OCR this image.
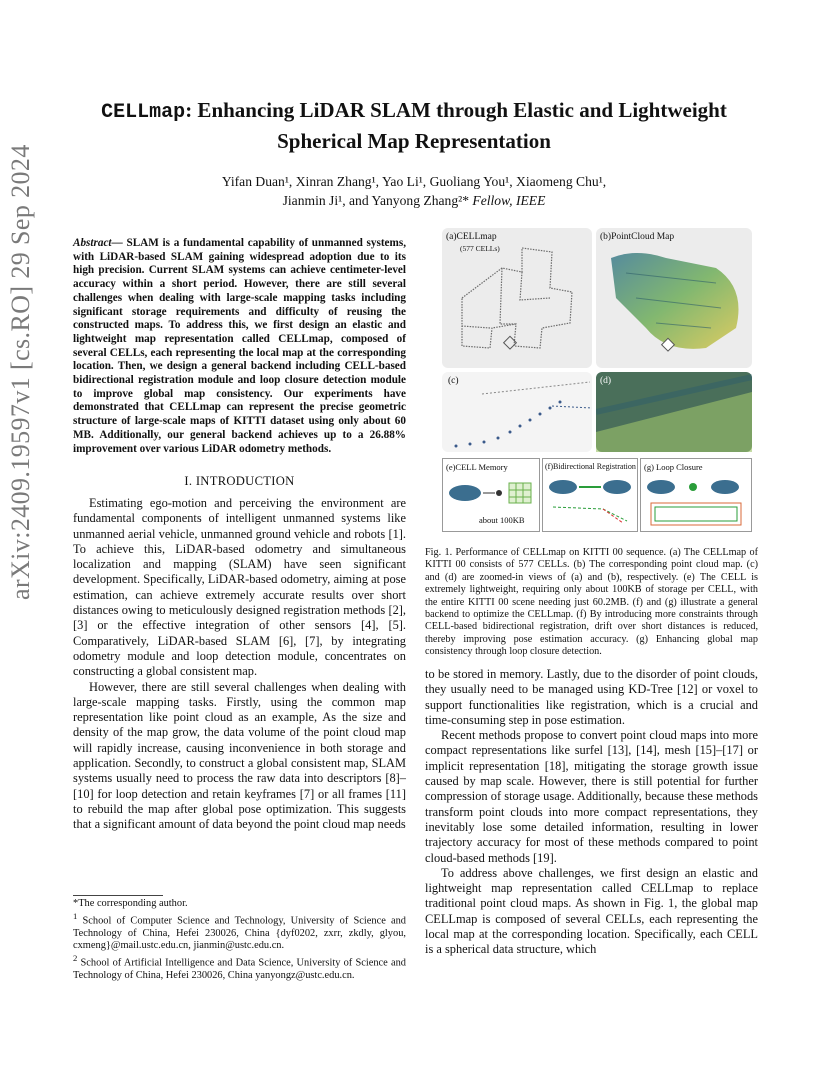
arXiv:2409.19597v1 [cs.RO] 29 Sep 2024
CELLmap: Enhancing LiDAR SLAM through Elastic and Lightweight
Spherical Map Representation
Yifan Duan¹, Xinran Zhang¹, Yao Li¹, Guoliang You¹, Xiaomeng Chu¹,
Jianmin Ji¹, and Yanyong Zhang²* Fellow, IEEE

Abstract— SLAM is a fundamental capability of unmanned systems, with LiDAR-based SLAM gaining widespread adoption due to its high precision. Current SLAM systems can achieve centimeter-level accuracy within a short period. However, there are still several challenges when dealing with large-scale mapping tasks including significant storage requirements and difficulty of reusing the constructed maps. To address this, we first design an elastic and lightweight map representation called CELLmap, composed of several CELLs, each representing the local map at the corresponding location. Then, we design a general backend including CELL-based bidirectional registration module and loop closure detection module to improve global map consistency. Our experiments have demonstrated that CELLmap can represent the precise geometric structure of large-scale maps of KITTI dataset using only about 60 MB. Additionally, our general backend achieves up to a 26.88% improvement over various LiDAR odometry methods.

I. INTRODUCTION

Estimating ego-motion and perceiving the environment are fundamental components of intelligent unmanned systems like unmanned aerial vehicle, unmanned ground vehicle and robots [1]. To achieve this, LiDAR-based odometry and simultaneous localization and mapping (SLAM) have seen significant development. Specifically, LiDAR-based odometry, aiming at pose estimation, can achieve extremely accurate results over short distances owing to meticulously designed registration methods [2], [3] or the effective integration of other sensors [4], [5]. Comparatively, LiDAR-based SLAM [6], [7], by integrating odometry module and loop detection module, concentrates on constructing a global consistent map.

However, there are still several challenges when dealing with large-scale mapping tasks. Firstly, using the common map representation like point cloud as an example, As the size and density of the map grow, the data volume of the point cloud map will rapidly increase, causing inconvenience in both storage and application. Secondly, to construct a global consistent map, SLAM systems usually need to process the raw data into descriptors [8]–[10] for loop detection and retain keyframes [7] or all frames [11] to rebuild the map after global pose optimization. This suggests that a significant amount of data beyond the point cloud map needs

*The corresponding author.

$^1$ School of Computer Science and Technology, University of Science and Technology of China, Hefei 230026, China {dyf0202, zxrr, zkdly, glyou, cxmeng}@mail.ustc.edu.cn, jianmin@ustc.edu.cn.

$^2$ School of Artificial Intelligence and Data Science, University of Science and Technology of China, Hefei 230026, China yanyongz@ustc.edu.cn.

(a)CELLmap
(577 CELLs)
(b)PointCloud Map
(c)	(d)
(e)CELL Memory
about 100KB
(f)Bidirectional Registration (g) Loop Closure
Fig. 1. Performance of CELLmap on KITTI 00 sequence. (a) The CELLmap of KITTI 00 consists of 577 CELLs. (b) The corresponding point cloud map. (c) and (d) are zoomed-in views of (a) and (b), respectively. (e) The CELL is extremely lightweight, requiring only about 100KB of storage per CELL, with the entire KITTI 00 scene needing just 60.2MB. (f) and (g) illustrate a general backend to optimize the CELLmap. (f) By introducing more constraints through CELL-based bidirectional registration, drift over short distances is reduced, thereby improving pose estimation accuracy. (g) Enhancing global map consistency through loop closure detection.

to be stored in memory. Lastly, due to the disorder of point clouds, they usually need to be managed using KD-Tree [12] or voxel to support functionalities like registration, which is a crucial and time-consuming step in pose estimation.

Recent methods propose to convert point cloud maps into more compact representations like surfel [13], [14], mesh [15]–[17] or implicit representation [18], mitigating the storage growth issue caused by map scale. However, there is still potential for further compression of storage usage. Additionally, because these methods transform point clouds into more compact representations, they inevitably lose some detailed information, resulting in lower trajectory accuracy for most of these methods compared to point cloud-based methods [19].

To address above challenges, we first design an elastic and lightweight map representation called CELLmap to replace traditional point cloud maps. As shown in Fig. 1, the global map CELLmap is composed of several CELLs, each representing the local map at the corresponding location. Specifically, each CELL is a spherical data structure, which
